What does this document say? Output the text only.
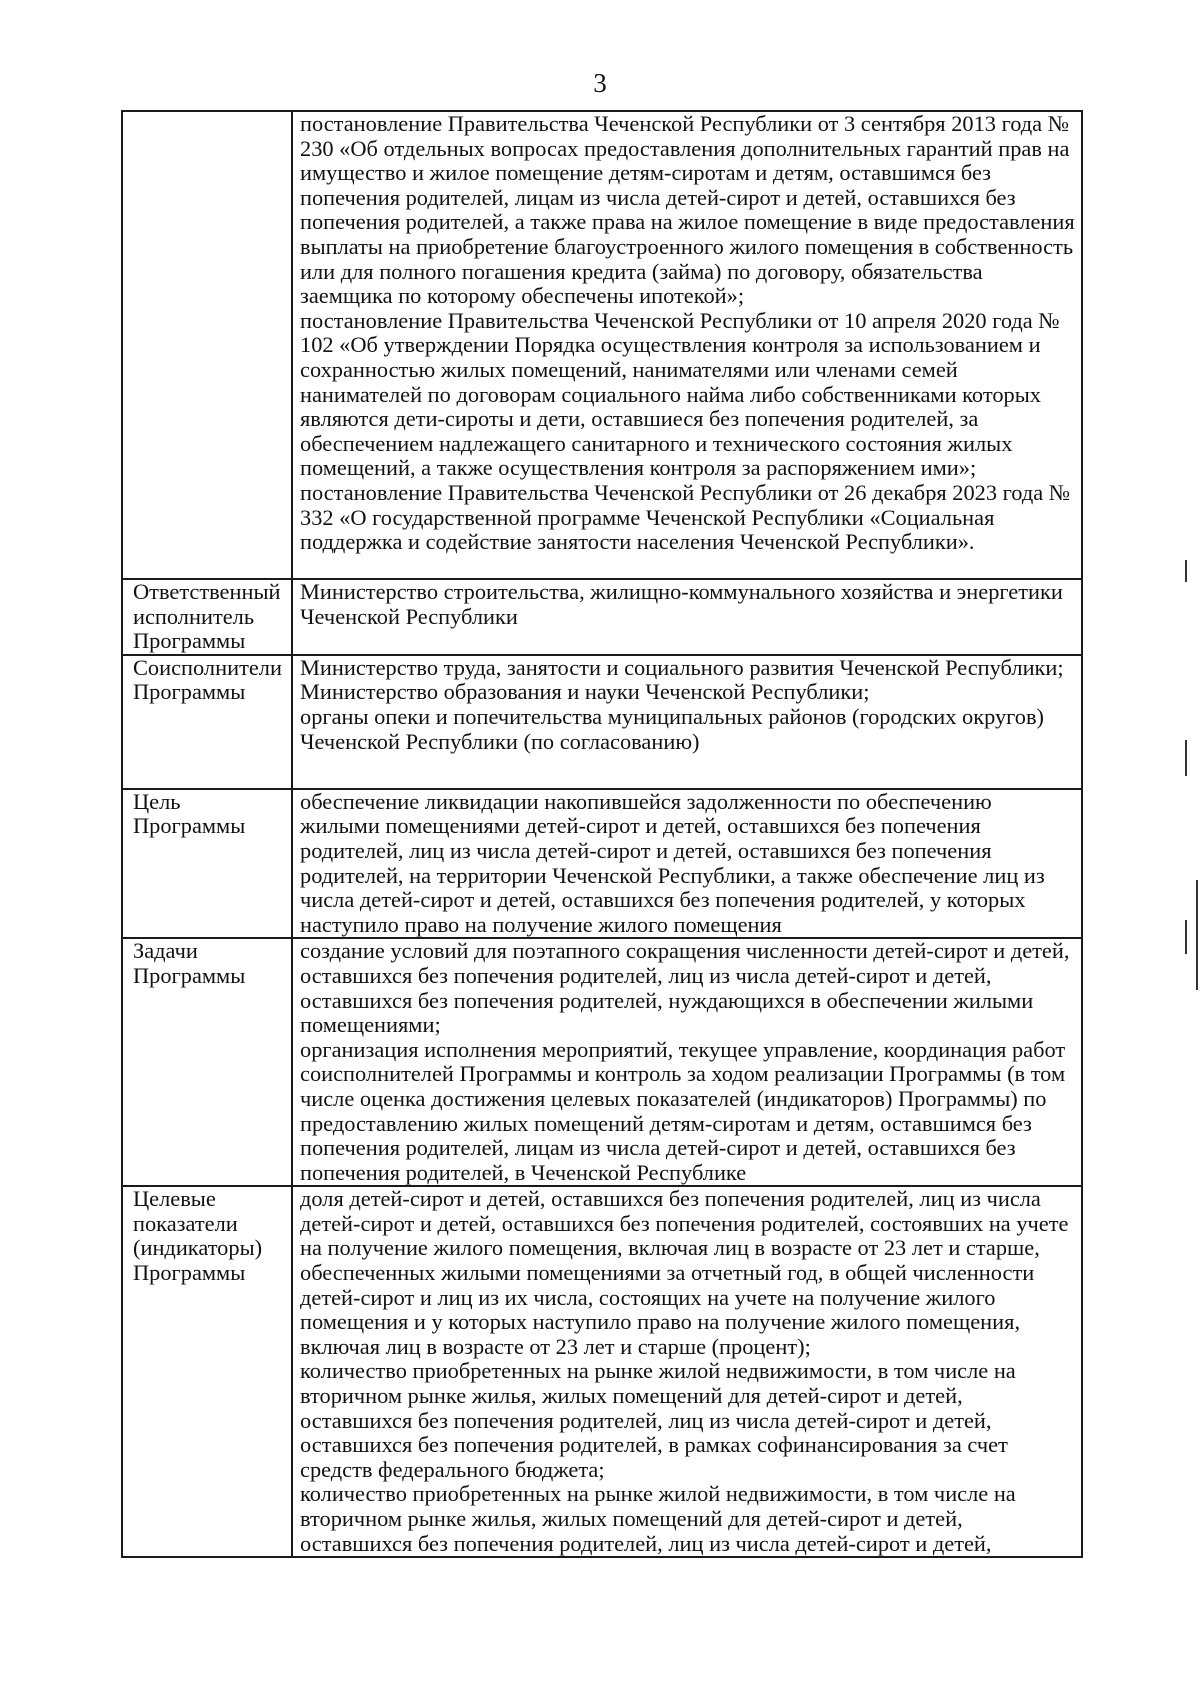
3

	постановление Правительства Чеченской Республики от 3 сентября 2013 года № 230 «Об отдельных вопросах предоставления дополнительных гарантий прав на имущество и жилое помещение детям-сиротам и детям, оставшимся без попечения родителей, лицам из числа детей-сирот и детей, оставшихся без попечения родителей, а также права на жилое помещение в виде предоставления выплаты на приобретение благоустроенного жилого помещения в собственность или для полного погашения кредита (займа) по договору, обязательства заемщика по которому обеспечены ипотекой»;
постановление Правительства Чеченской Республики от 10 апреля 2020 года № 102 «Об утверждении Порядка осуществления контроля за использованием и сохранностью жилых помещений, нанимателями или членами семей нанимателей по договорам социального найма либо собственниками которых являются дети-сироты и дети, оставшиеся без попечения родителей, за обеспечением надлежащего санитарного и технического состояния жилых помещений, а также осуществления контроля за распоряжением ими»;
постановление Правительства Чеченской Республики от 26 декабря 2023 года № 332 «О государственной программе Чеченской Республики «Социальная поддержка и содействие занятости населения Чеченской Республики».

Ответственный исполнитель Программы	Министерство строительства, жилищно-коммунального хозяйства и энергетики Чеченской Республики

Соисполнители Программы	Министерство труда, занятости и социального развития Чеченской Республики;
Министерство образования и науки Чеченской Республики;
органы опеки и попечительства муниципальных районов (городских округов) Чеченской Республики (по согласованию)

Цель Программы	обеспечение ликвидации накопившейся задолженности по обеспечению жилыми помещениями детей-сирот и детей, оставшихся без попечения родителей, лиц из числа детей-сирот и детей, оставшихся без попечения родителей, на территории Чеченской Республики, а также обеспечение лиц из числа детей-сирот и детей, оставшихся без попечения родителей, у которых наступило право на получение жилого помещения

Задачи Программы	создание условий для поэтапного сокращения численности детей-сирот и детей, оставшихся без попечения родителей, лиц из числа детей-сирот и детей, оставшихся без попечения родителей, нуждающихся в обеспечении жилыми помещениями;
организация исполнения мероприятий, текущее управление, координация работ соисполнителей Программы и контроль за ходом реализации Программы (в том числе оценка достижения целевых показателей (индикаторов) Программы) по предоставлению жилых помещений детям-сиротам и детям, оставшимся без попечения родителей, лицам из числа детей-сирот и детей, оставшихся без попечения родителей, в Чеченской Республике

Целевые показатели (индикаторы) Программы	доля детей-сирот и детей, оставшихся без попечения родителей, лиц из числа детей-сирот и детей, оставшихся без попечения родителей, состоявших на учете на получение жилого помещения, включая лиц в возрасте от 23 лет и старше, обеспеченных жилыми помещениями за отчетный год, в общей численности детей-сирот и лиц из их числа, состоящих на учете на получение жилого помещения и у которых наступило право на получение жилого помещения, включая лиц в возрасте от 23 лет и старше (процент);
количество приобретенных на рынке жилой недвижимости, в том числе на вторичном рынке жилья, жилых помещений для детей-сирот и детей, оставшихся без попечения родителей, лиц из числа детей-сирот и детей, оставшихся без попечения родителей, в рамках софинансирования за счет средств федерального бюджета;
количество приобретенных на рынке жилой недвижимости, в том числе на вторичном рынке жилья, жилых помещений для детей-сирот и детей, оставшихся без попечения родителей, лиц из числа детей-сирот и детей,
